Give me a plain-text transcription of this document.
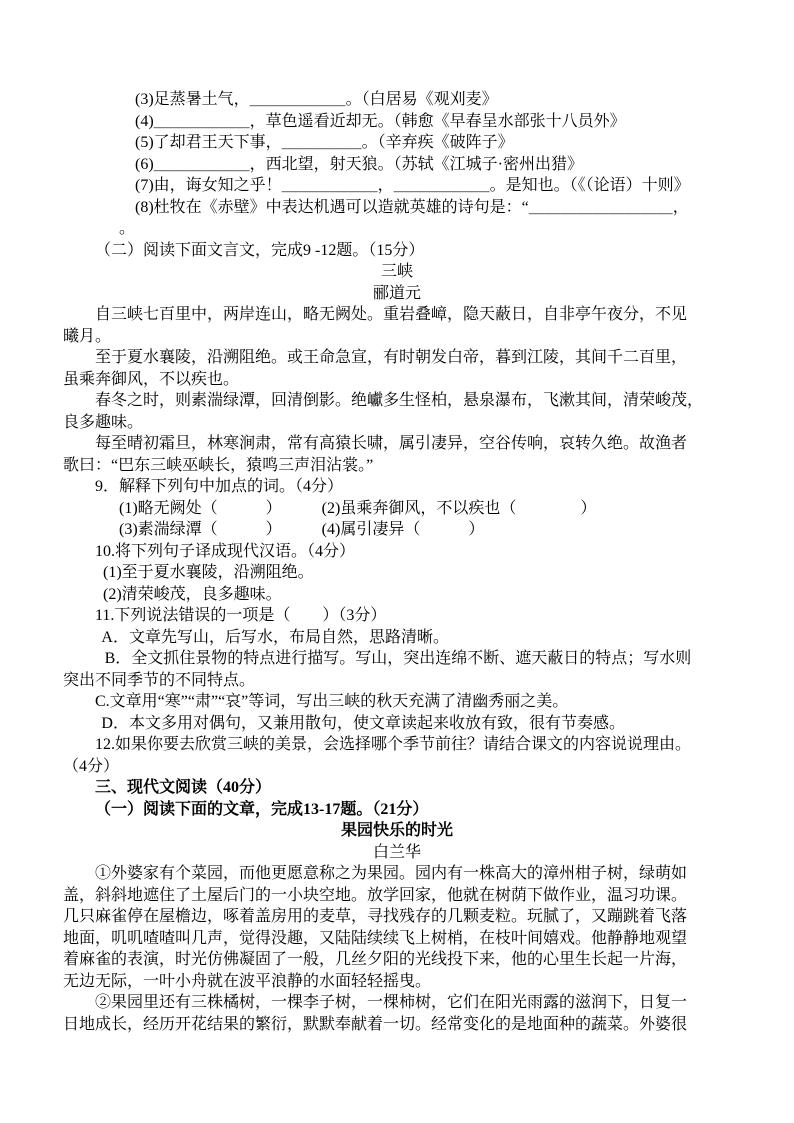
(3)足蒸暑土气，＿＿＿＿＿＿。（白居易《观刈麦》

(4)＿＿＿＿＿＿，草色遥看近却无。（韩愈《早春呈水部张十八员外》

(5)了却君王天下事，＿＿＿＿＿。（辛弃疾《破阵子》

(6)＿＿＿＿＿＿，西北望，射天狼。（苏轼《江城子·密州出猎》

(7)由，诲女知之乎！＿＿＿＿＿＿，＿＿＿＿＿＿。是知也。（《（论语）十则》

(8)杜牧在《赤壁》中表达机遇可以造就英雄的诗句是：“＿＿＿＿＿＿＿＿＿，

。

（二）阅读下面文言文，完成9 -12题。（15分）

三峡

郦道元

自三峡七百里中，两岸连山，略无阙处。重岩叠嶂，隐天蔽日，自非亭午夜分，不见

曦月。

至于夏水襄陵，沿溯阻绝。或王命急宣，有时朝发白帝，暮到江陵，其间千二百里，

虽乘奔御风，不以疾也。

春冬之时，则素湍绿潭，回清倒影。绝巘多生怪柏，悬泉瀑布，飞漱其间，清荣峻茂，

良多趣味。

每至晴初霜旦，林寒涧肃，常有高猿长啸，属引凄异，空谷传响，哀转久绝。故渔者

歌曰：“巴东三峡巫峡长，猿鸣三声泪沾裳。”

9．解释下列句中加点的词。（4分）

(1)略无阙处（　　　）　　　(2)虽乘奔御风，不以疾也（　　　　）

(3)素湍绿潭（　　　）　　　(4)属引凄异（　　　）

10.将下列句子译成现代汉语。（4分）

(1)至于夏水襄陵，沿溯阻绝。

(2)清荣峻茂，良多趣味。

11.下列说法错误的一项是（　　）（3分）

A．文章先写山，后写水，布局自然，思路清晰。

B．全文抓住景物的特点进行描写。写山，突出连绵不断、遮天蔽日的特点；写水则

突出不同季节的不同特点。

C.文章用“寒”“肃”“哀”等词，写出三峡的秋天充满了清幽秀丽之美。

D．本文多用对偶句，又兼用散句，使文章读起来收放有致，很有节奏感。

12.如果你要去欣赏三峡的美景，会选择哪个季节前往？请结合课文的内容说说理由。

（4分）

三、现代文阅读（40分）

（一）阅读下面的文章，完成13-17题。（21分）

果园快乐的时光

白兰华

①外婆家有个菜园，而他更愿意称之为果园。园内有一株高大的漳州柑子树，绿萌如

盖，斜斜地遮住了土屋后门的一小块空地。放学回家，他就在树荫下做作业，温习功课。

几只麻雀停在屋檐边，啄着盖房用的麦草，寻找残存的几颗麦粒。玩腻了，又蹦跳着飞落

地面，叽叽喳喳叫几声，觉得没趣，又陆陆续续飞上树梢，在枝叶间嬉戏。他静静地观望

着麻雀的表演，时光仿佛凝固了一般，几丝夕阳的光线投下来，他的心里生长起一片海，

无边无际，一叶小舟就在波平浪静的水面轻轻摇曳。

②果园里还有三株橘树，一棵李子树，一棵柿树，它们在阳光雨露的滋润下，日复一

日地成长，经历开花结果的繁衍，默默奉献着一切。经常变化的是地面种的蔬菜。外婆很
